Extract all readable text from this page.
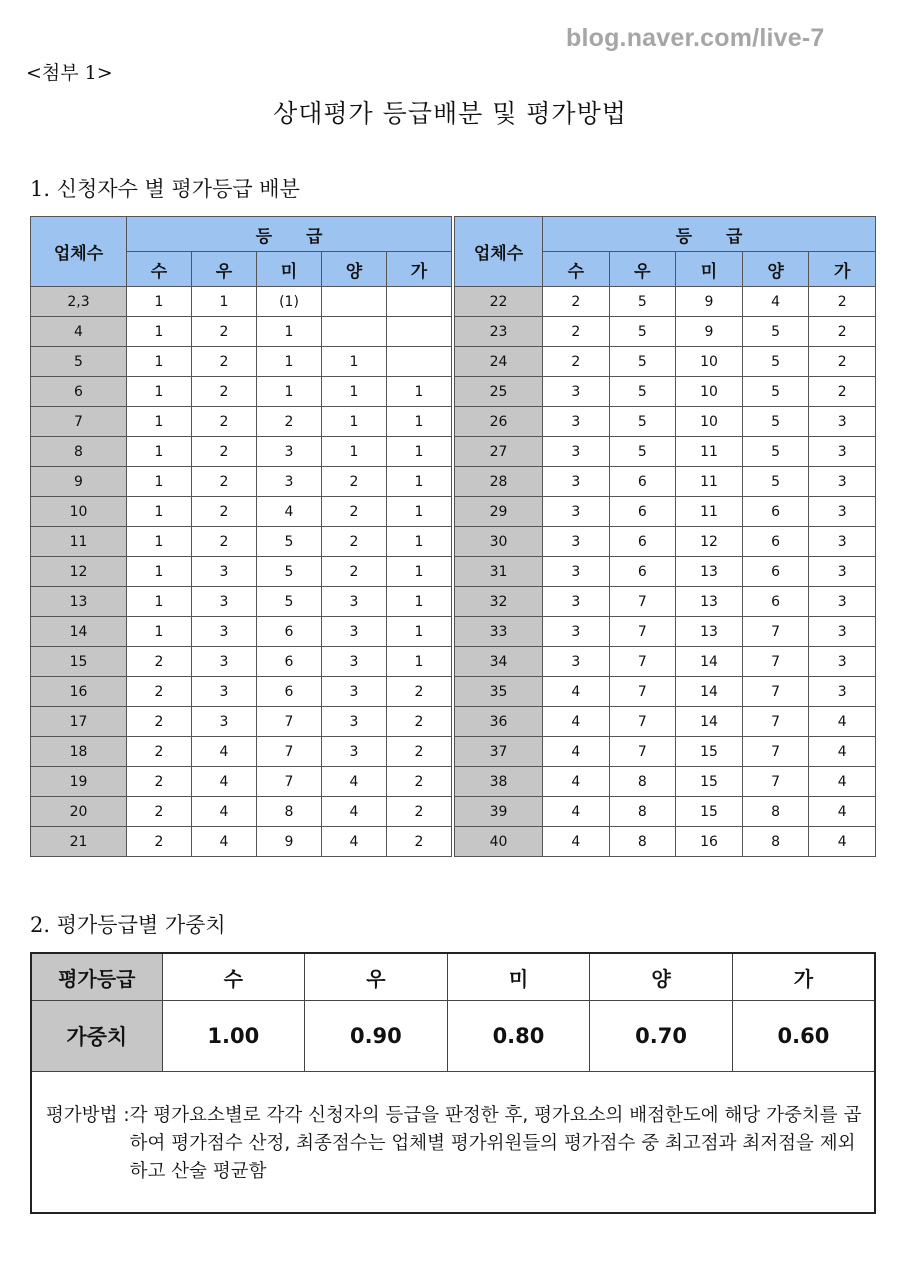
blog.naver.com/live-7
<첨부 1>
상대평가 등급배분 및 평가방법
1. 신청자수 별 평가등급 배분
업체수	등　　급				
	수	우	미	양	가
2,3	1	1	(1)		
4	1	2	1		
5	1	2	1	1	
6	1	2	1	1	1
7	1	2	2	1	1
8	1	2	3	1	1
9	1	2	3	2	1
10	1	2	4	2	1
11	1	2	5	2	1
12	1	3	5	2	1
13	1	3	5	3	1
14	1	3	6	3	1
15	2	3	6	3	1
16	2	3	6	3	2
17	2	3	7	3	2
18	2	4	7	3	2
19	2	4	7	4	2
20	2	4	8	4	2
21	2	4	9	4	2
업체수	등　　급				
	수	우	미	양	가
22	2	5	9	4	2
23	2	5	9	5	2
24	2	5	10	5	2
25	3	5	10	5	2
26	3	5	10	5	3
27	3	5	11	5	3
28	3	6	11	5	3
29	3	6	11	6	3
30	3	6	12	6	3
31	3	6	13	6	3
32	3	7	13	6	3
33	3	7	13	7	3
34	3	7	14	7	3
35	4	7	14	7	3
36	4	7	14	7	4
37	4	7	15	7	4
38	4	8	15	7	4
39	4	8	15	8	4
40	4	8	16	8	4
2. 평가등급별 가중치
평가등급	수	우	미	양	가
가중치	1.00	0.90	0.80	0.70	0.60

평가방법 : 각 평가요소별로 각각 신청자의 등급을 판정한 후, 평가요소의 배점한도에 해당 가중치를 곱하여 평가점수 산정, 최종점수는 업체별 평가위원들의 평가점수 중 최고점과 최저점을 제외하고 산술 평균함					
